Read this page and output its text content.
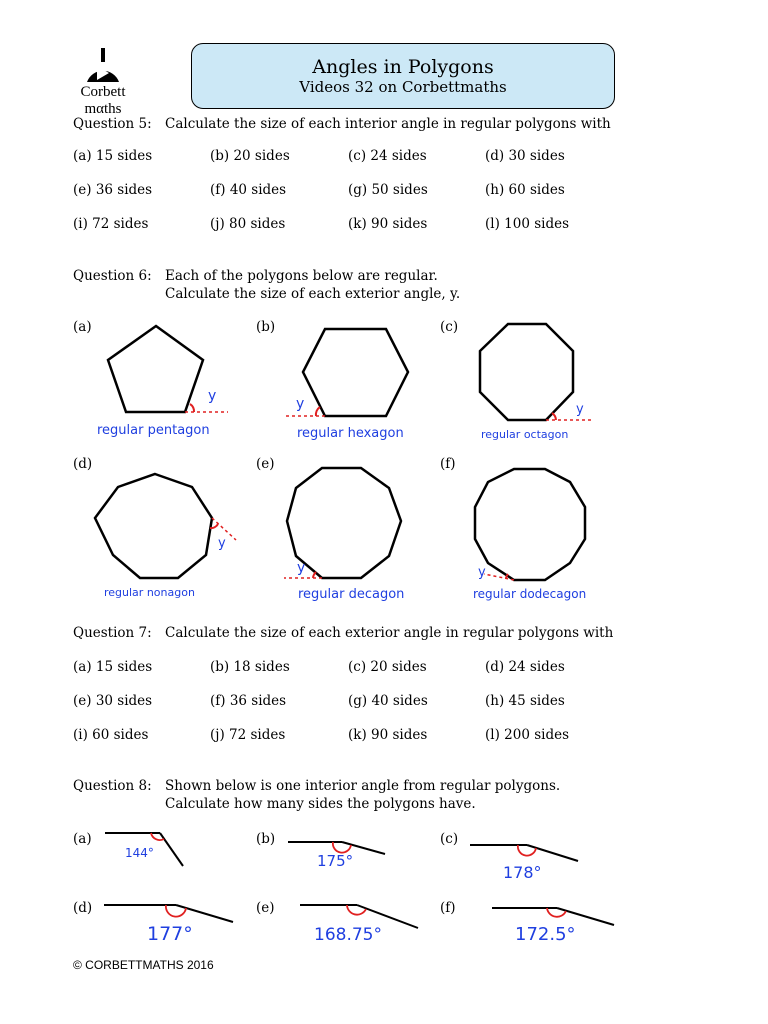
Corbett
mαths
Angles in Polygons
Videos 32 on Corbettmaths
Question 5: Calculate the size of each interior angle in regular polygons with
(a) 15 sides	(b) 20 sides	(c) 24 sides	(d) 30 sides
(e) 36 sides	(f) 40 sides	(g) 50 sides	(h) 60 sides
(i) 72 sides	(j) 80 sides	(k) 90 sides	(l) 100 sides
Question 6: Each of the polygons below are regular.
Calculate the size of each exterior angle, y.
(a)
y
regular pentagon
(b)
y
regular hexagon
(c)
y
regular octagon
(d)
y
regular nonagon
(e)
y
regular decagon
(f)
y
regular dodecagon
Question 7: Calculate the size of each exterior angle in regular polygons with
(a) 15 sides	(b) 18 sides	(c) 20 sides	(d) 24 sides
(e) 30 sides	(f) 36 sides	(g) 40 sides	(h) 45 sides
(i) 60 sides	(j) 72 sides	(k) 90 sides	(l) 200 sides
Question 8: Shown below is one interior angle from regular polygons.
Calculate how many sides the polygons have.
(a)
144°
(b)
175°
(c)
178°
(d)
177°
(e)
168.75°
(f)
172.5°
© CORBETTMATHS 2016
